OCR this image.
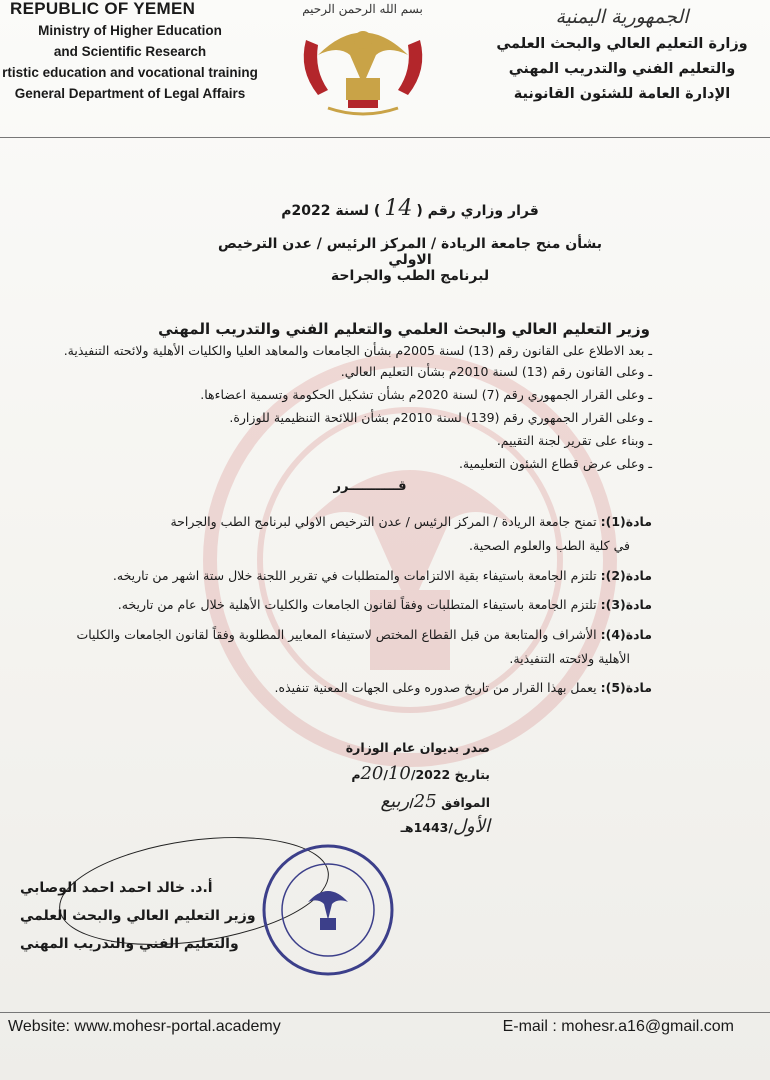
REPUBLIC OF YEMEN
Ministry of Higher Education
and Scientific Research
rtistic education and vocational training
General Department of Legal Affairs
بسم الله الرحمن الرحيم	الجمهورية اليمنية
وزارة التعليم العالي والبحث العلمي
والتعليم الفني والتدريب المهني
الإدارة العامة للشئون القانونية
قرار وزاري رقم (14) لسنة 2022م
بشأن منح جامعة الريادة / المركز الرئيس / عدن الترخيص الاولي
لبرنامج الطب والجراحة
وزير التعليم العالي والبحث العلمي والتعليم الفني والتدريب المهني
ـ بعد الاطلاع على القانون رقم (13) لسنة 2005م بشأن الجامعات والمعاهد العليا والكليات الأهلية ولائحته التنفيذية.
ـ وعلى القانون رقم (13) لسنة 2010م بشأن التعليم العالي.
ـ وعلى القرار الجمهوري رقم (7) لسنة 2020م بشأن تشكيل الحكومة وتسمية اعضاءها.
ـ وعلى القرار الجمهوري رقم (139) لسنة 2010م بشأن اللائحة التنظيمية للوزارة.
ـ وبناء على تقرير لجنة التقييم.
ـ وعلى عرض قطاع الشئون التعليمية.
قـــــــــــرر
مادة(1): تمنح جامعة الريادة / المركز الرئيس / عدن الترخيص الاولي لبرنامج الطب والجراحة
في كلية الطب والعلوم الصحية.
مادة(2): تلتزم الجامعة باستيفاء بقية الالتزامات والمتطلبات في تقرير اللجنة خلال ستة اشهر من تاريخه.
مادة(3): تلتزم الجامعة باستيفاء المتطلبات وفقاً لقانون الجامعات والكليات الأهلية خلال عام من تاريخه.
مادة(4): الأشراف والمتابعة من قبل القطاع المختص لاستيفاء المعايير المطلوبة وفقاً لقانون الجامعات والكليات
الأهلية ولائحته التنفيذية.
مادة(5): يعمل بهذا القرار من تاريخ صدوره وعلى الجهات المعنية تنفيذه.
صدر بديوان عام الوزارة
بتاريخ 20/10/2022م
الموافق 25/ربيع الأول/1443هـ
أ.د. خالد احمد احمد الوصابي
وزير التعليم العالي والبحث العلمي
والتعليم الفني والتدريب المهني
Website: www.mohesr-portal.academy	E-mail : mohesr.a16@gmail.com
